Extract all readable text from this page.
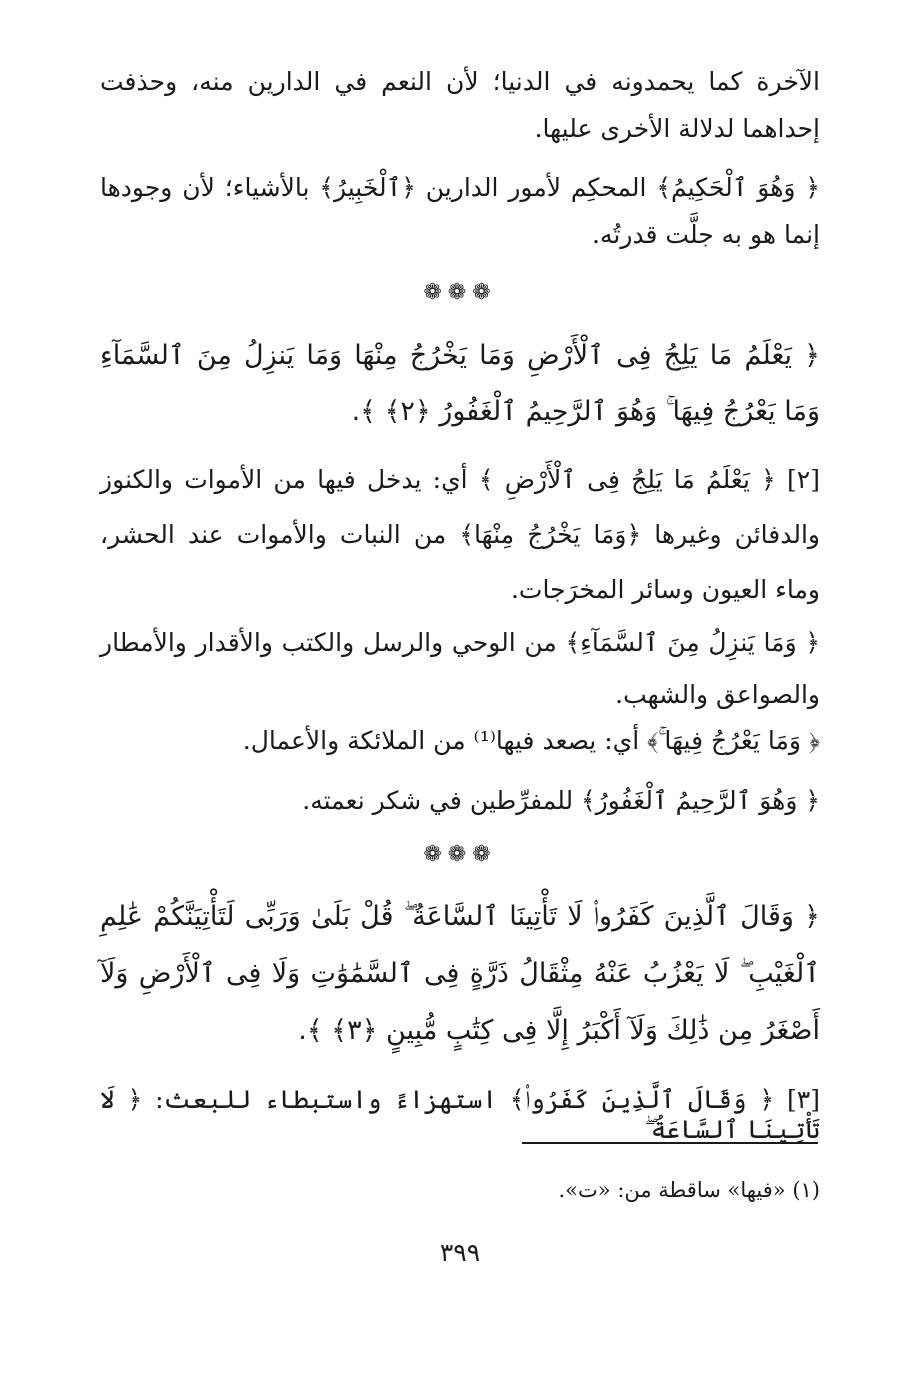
الآخرة كما يحمدونه في الدنيا؛ لأن النعم في الدارين منه، وحذفت إحداهما لدلالة الأخرى عليها.

﴿ وَهُوَ ٱلْحَكِيمُ﴾ المحكِم لأمور الدارين ﴿ٱلْخَبِيرُ﴾ بالأشياء؛ لأن وجودها إنما هو به جلَّت قدرتُه.

❁❁❁

﴿ يَعْلَمُ مَا يَلِجُ فِى ٱلْأَرْضِ وَمَا يَخْرُجُ مِنْهَا وَمَا يَنزِلُ مِنَ ٱلسَّمَآءِ وَمَا يَعْرُجُ فِيهَا ۚ وَهُوَ ٱلرَّحِيمُ ٱلْغَفُورُ ﴿٢﴾ ﴾.

[٢] ﴿ يَعْلَمُ مَا يَلِجُ فِى ٱلْأَرْضِ ﴾ أي: يدخل فيها من الأموات والكنوز والدفائن وغيرها ﴿وَمَا يَخْرُجُ مِنْهَا﴾ من النبات والأموات عند الحشر، وماء العيون وسائر المخرَجات.

﴿ وَمَا يَنزِلُ مِنَ ٱلسَّمَآءِ﴾ من الوحي والرسل والكتب والأقدار والأمطار والصواعق والشهب.

﴿ وَمَا يَعْرُجُ فِيهَا ۚ﴾ أي: يصعد فيها⁽¹⁾ من الملائكة والأعمال.

﴿ وَهُوَ ٱلرَّحِيمُ ٱلْغَفُورُ﴾ للمفرِّطين في شكر نعمته.

❁❁❁

﴿ وَقَالَ ٱلَّذِينَ كَفَرُوا۟ لَا تَأْتِينَا ٱلسَّاعَةُ ۖ قُلْ بَلَىٰ وَرَبِّى لَتَأْتِيَنَّكُمْ عَٰلِمِ ٱلْغَيْبِ ۖ لَا يَعْزُبُ عَنْهُ مِثْقَالُ ذَرَّةٍ فِى ٱلسَّمَٰوَٰتِ وَلَا فِى ٱلْأَرْضِ وَلَآ أَصْغَرُ مِن ذَٰلِكَ وَلَآ أَكْبَرُ إِلَّا فِى كِتَٰبٍ مُّبِينٍ ﴿٣﴾ ﴾.

[٣] ﴿ وَقَالَ ٱلَّذِينَ كَفَرُوا۟﴾ استهزاءً واستبطاء للبعث: ﴿ لَا تَأْتِينَا ٱلسَّاعَةُ ۖ

(١) «فيها» ساقطة من: «ت».

٣٩٩
